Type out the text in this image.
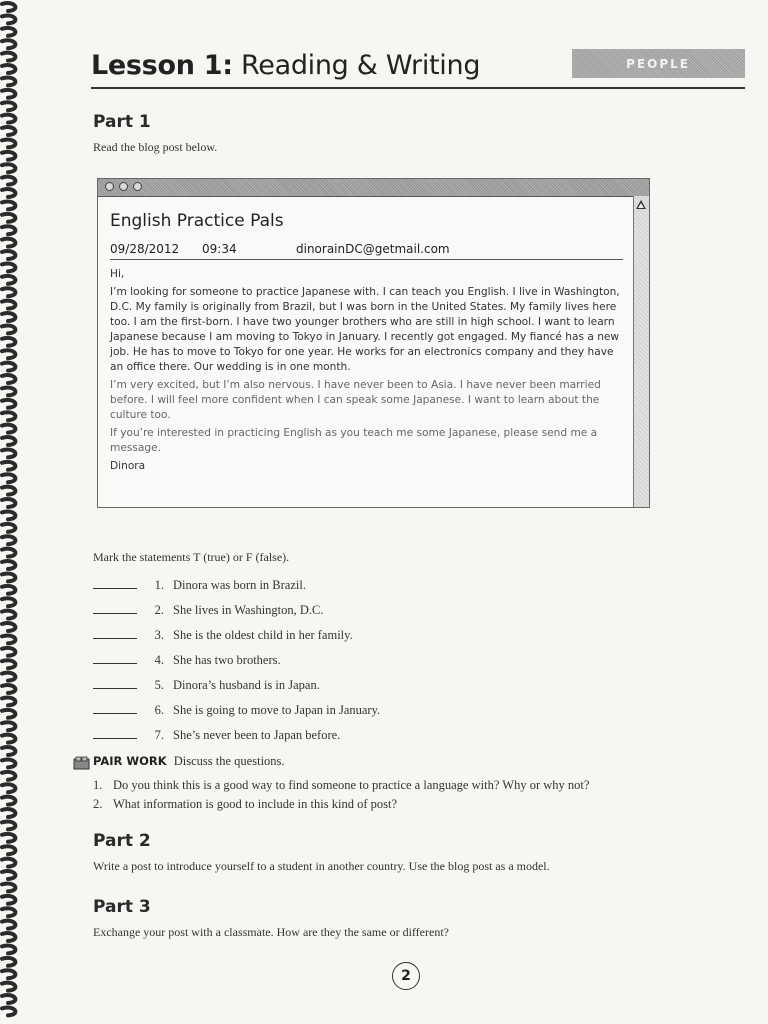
Lesson 1: Reading & Writing	PEOPLE
Part 1

Read the blog post below.

English Practice Pals
09/28/2012 09:34	dinorainDC@getmail.com

Hi,

I’m looking for someone to practice Japanese with. I can teach you English. I live in Washington, D.C. My family is originally from Brazil, but I was born in the United States. My family lives here too. I am the first-born. I have two younger brothers who are still in high school. I want to learn Japanese because I am moving to Tokyo in January. I recently got engaged. My fiancé has a new job. He has to move to Tokyo for one year. He works for an electronics company and they have an office there. Our wedding is in one month.

I’m very excited, but I’m also nervous. I have never been to Asia. I have never been married before. I will feel more confident when I can speak some Japanese. I want to learn about the culture too.

If you’re interested in practicing English as you teach me some Japanese, please send me a message.

Dinora

Mark the statements T (true) or F (false).

1. Dinora was born in Brazil.
2. She lives in Washington, D.C.
3. She is the oldest child in her family.
4. She has two brothers.
5. Dinora’s husband is in Japan.
6. She is going to move to Japan in January.
7. She’s never been to Japan before.
PAIR WORK Discuss the questions.
1. Do you think this is a good way to find someone to practice a language with? Why or why not?
2. What information is good to include in this kind of post?
Part 2

Write a post to introduce yourself to a student in another country. Use the blog post as a model.

Part 3

Exchange your post with a classmate. How are they the same or different?

2
